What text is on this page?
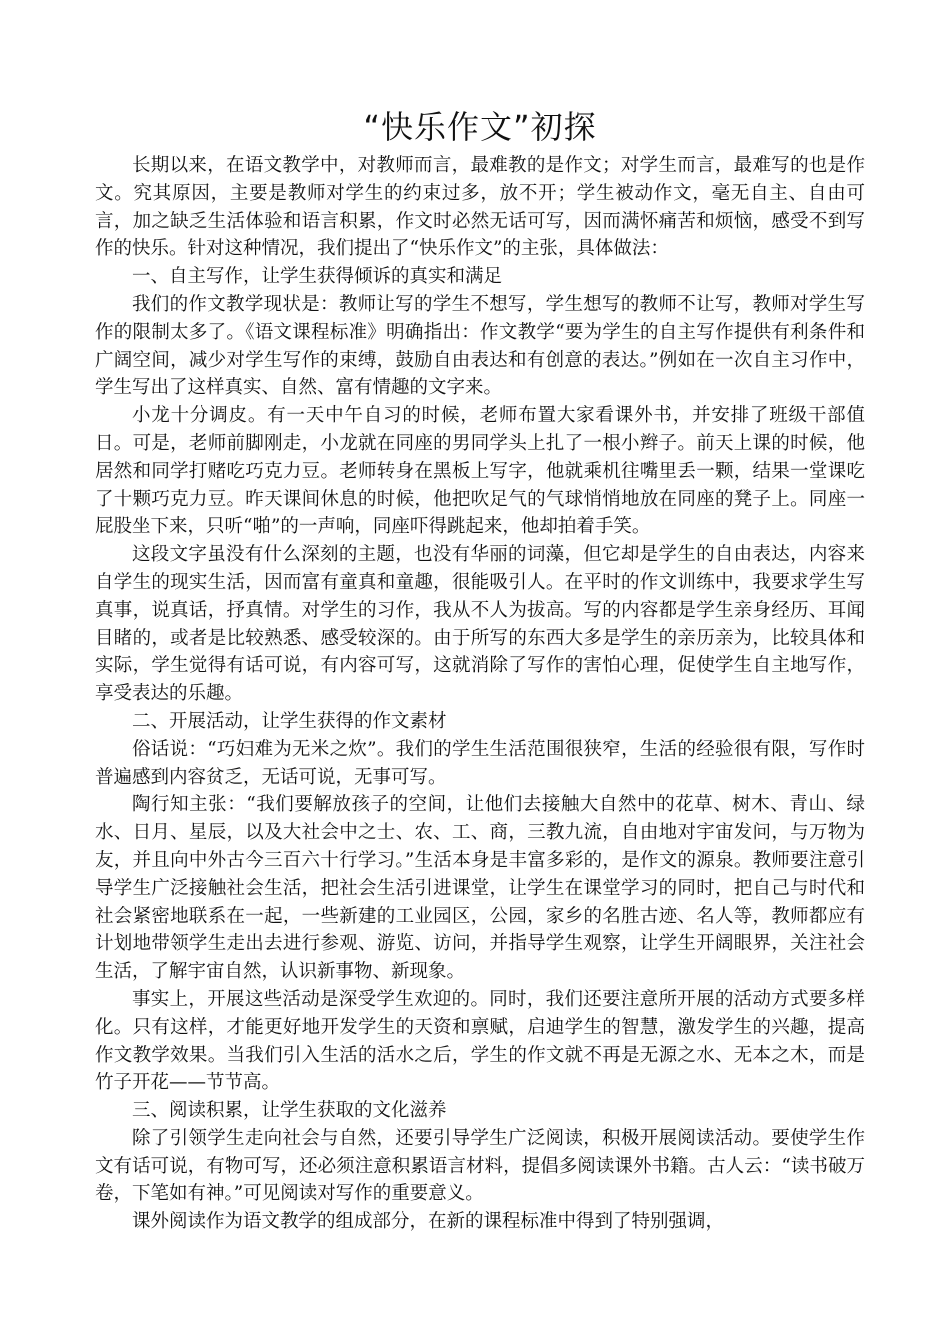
“快乐作文”初探

长期以来，在语文教学中，对教师而言，最难教的是作文；对学生而言，最难写的也是作文。究其原因，主要是教师对学生的约束过多，放不开；学生被动作文，毫无自主、自由可言，加之缺乏生活体验和语言积累，作文时必然无话可写，因而满怀痛苦和烦恼，感受不到写作的快乐。针对这种情况，我们提出了“快乐作文”的主张，具体做法：

一、自主写作，让学生获得倾诉的真实和满足

我们的作文教学现状是：教师让写的学生不想写，学生想写的教师不让写，教师对学生写作的限制太多了。《语文课程标准》明确指出：作文教学“要为学生的自主写作提供有利条件和广阔空间，减少对学生写作的束缚，鼓励自由表达和有创意的表达。”例如在一次自主习作中，学生写出了这样真实、自然、富有情趣的文字来。

小龙十分调皮。有一天中午自习的时候，老师布置大家看课外书，并安排了班级干部值日。可是，老师前脚刚走，小龙就在同座的男同学头上扎了一根小辫子。前天上课的时候，他居然和同学打赌吃巧克力豆。老师转身在黑板上写字，他就乘机往嘴里丢一颗，结果一堂课吃了十颗巧克力豆。昨天课间休息的时候，他把吹足气的气球悄悄地放在同座的凳子上。同座一屁股坐下来，只听“啪”的一声响，同座吓得跳起来，他却拍着手笑。

这段文字虽没有什么深刻的主题，也没有华丽的词藻，但它却是学生的自由表达，内容来自学生的现实生活，因而富有童真和童趣，很能吸引人。在平时的作文训练中，我要求学生写真事，说真话，抒真情。对学生的习作，我从不人为拔高。写的内容都是学生亲身经历、耳闻目睹的，或者是比较熟悉、感受较深的。由于所写的东西大多是学生的亲历亲为，比较具体和实际，学生觉得有话可说，有内容可写，这就消除了写作的害怕心理，促使学生自主地写作，享受表达的乐趣。

二、开展活动，让学生获得的作文素材

俗话说：“巧妇难为无米之炊”。我们的学生生活范围很狭窄，生活的经验很有限，写作时普遍感到内容贫乏，无话可说，无事可写。

陶行知主张：“我们要解放孩子的空间，让他们去接触大自然中的花草、树木、青山、绿水、日月、星辰，以及大社会中之士、农、工、商，三教九流，自由地对宇宙发问，与万物为友，并且向中外古今三百六十行学习。”生活本身是丰富多彩的，是作文的源泉。教师要注意引导学生广泛接触社会生活，把社会生活引进课堂，让学生在课堂学习的同时，把自己与时代和社会紧密地联系在一起，一些新建的工业园区，公园，家乡的名胜古迹、名人等，教师都应有计划地带领学生走出去进行参观、游览、访问，并指导学生观察，让学生开阔眼界，关注社会生活，了解宇宙自然，认识新事物、新现象。

事实上，开展这些活动是深受学生欢迎的。同时，我们还要注意所开展的活动方式要多样化。只有这样，才能更好地开发学生的天资和禀赋，启迪学生的智慧，激发学生的兴趣，提高作文教学效果。当我们引入生活的活水之后，学生的作文就不再是无源之水、无本之木，而是竹子开花——节节高。

三、阅读积累，让学生获取的文化滋养

除了引领学生走向社会与自然，还要引导学生广泛阅读，积极开展阅读活动。要使学生作文有话可说，有物可写，还必须注意积累语言材料，提倡多阅读课外书籍。古人云：“读书破万卷，下笔如有神。”可见阅读对写作的重要意义。

课外阅读作为语文教学的组成部分，在新的课程标准中得到了特别强调，
